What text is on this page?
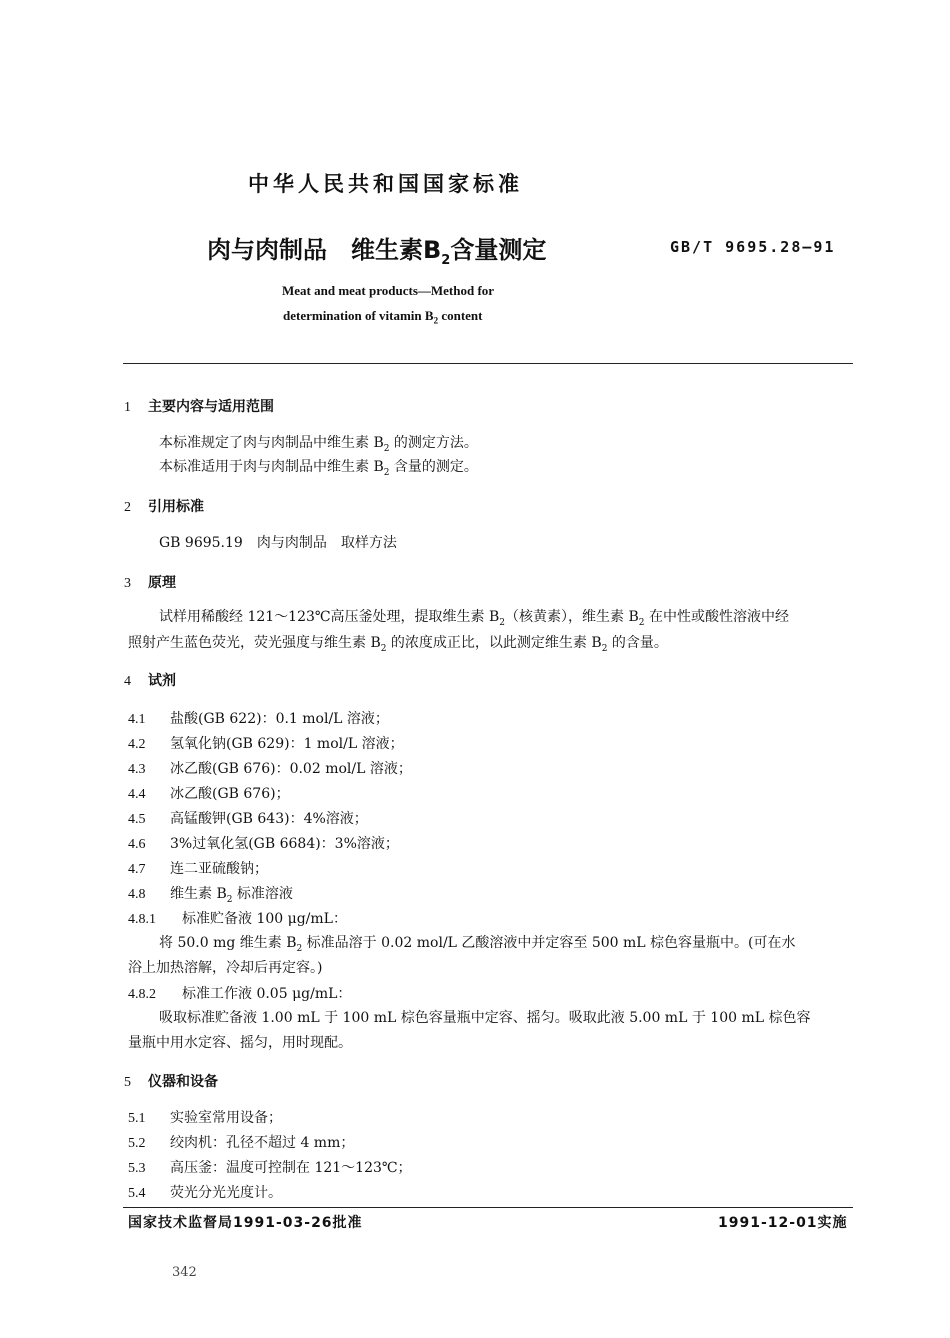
中华人民共和国国家标准
肉与肉制品　维生素$B_2$含量测定	GB/T 9695.28—91
Meat and meat products—Method for
determination of vitamin $B_2$ content
1 主要内容与适用范围
本标准规定了肉与肉制品中维生素 $B_2$ 的测定方法。
本标准适用于肉与肉制品中维生素 $B_2$ 含量的测定。
2 引用标准
GB 9695.19　肉与肉制品　取样方法
3 原理
试样用稀酸经 121～123℃高压釜处理，提取维生素 $B_2$（核黄素），维生素 $B_2$ 在中性或酸性溶液中经
照射产生蓝色荧光，荧光强度与维生素 $B_2$ 的浓度成正比，以此测定维生素 $B_2$ 的含量。
4 试剂
4.1 盐酸(GB 622)：0.1 mol/L 溶液；
4.2 氢氧化钠(GB 629)：1 mol/L 溶液；
4.3 冰乙酸(GB 676)：0.02 mol/L 溶液；
4.4 冰乙酸(GB 676)；
4.5 高锰酸钾(GB 643)：4%溶液；
4.6 3%过氧化氢(GB 6684)：3%溶液；
4.7 连二亚硫酸钠；
4.8 维生素 $B_2$ 标准溶液
4.8.1 标准贮备液 100 μg/mL：
将 50.0 mg 维生素 $B_2$ 标准品溶于 0.02 mol/L 乙酸溶液中并定容至 500 mL 棕色容量瓶中。(可在水
浴上加热溶解，冷却后再定容。)
4.8.2 标准工作液 0.05 μg/mL：
吸取标准贮备液 1.00 mL 于 100 mL 棕色容量瓶中定容、摇匀。吸取此液 5.00 mL 于 100 mL 棕色容
量瓶中用水定容、摇匀，用时现配。
5 仪器和设备
5.1 实验室常用设备；
5.2 绞肉机：孔径不超过 4 mm；
5.3 高压釜：温度可控制在 121～123℃；
5.4 荧光分光光度计。
国家技术监督局1991-03-26批准	1991-12-01实施
342
